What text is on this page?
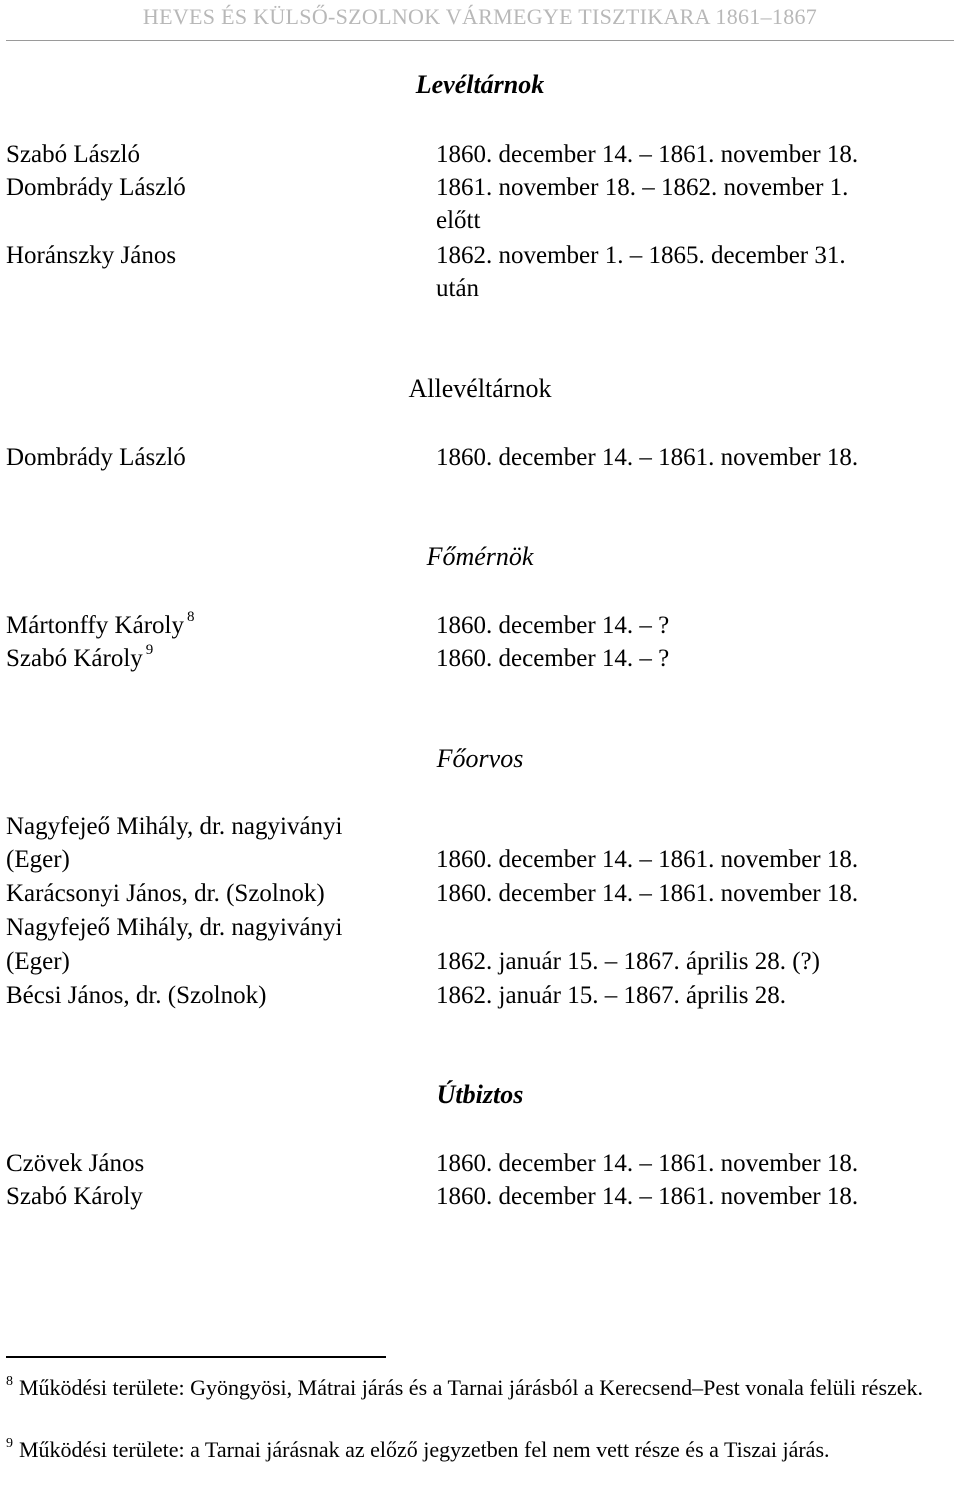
HEVES ÉS KÜLSŐ-SZOLNOK VÁRMEGYE TISZTIKARA 1861–1867
Levéltárnok
Szabó László	1860. december 14. – 1861. november 18.
Dombrády László	1861. november 18. – 1862. november 1.
előtt
Horánszky János	1862. november 1. – 1865. december 31.
után
Allevéltárnok
Dombrády László	1860. december 14. – 1861. november 18.
Főmérnök
Mártonffy Károly $^8$	1860. december 14. – ?
Szabó Károly $^9$	1860. december 14. – ?
Főorvos
Nagyfejeő Mihály, dr. nagyiványi
(Eger)	1860. december 14. – 1861. november 18.
Karácsonyi János, dr. (Szolnok)	1860. december 14. – 1861. november 18.
Nagyfejeő Mihály, dr. nagyiványi
(Eger)	1862. január 15. – 1867. április 28. (?)
Bécsi János, dr. (Szolnok)	1862. január 15. – 1867. április 28.
Útbiztos
Czövek János	1860. december 14. – 1861. november 18.
Szabó Károly	1860. december 14. – 1861. november 18.
$^8$ Működési területe: Gyöngyösi, Mátrai járás és a Tarnai járásból a Kerecsend–Pest vonala felüli részek.
$^9$ Működési területe: a Tarnai járásnak az előző jegyzetben fel nem vett része és a Tiszai járás.
